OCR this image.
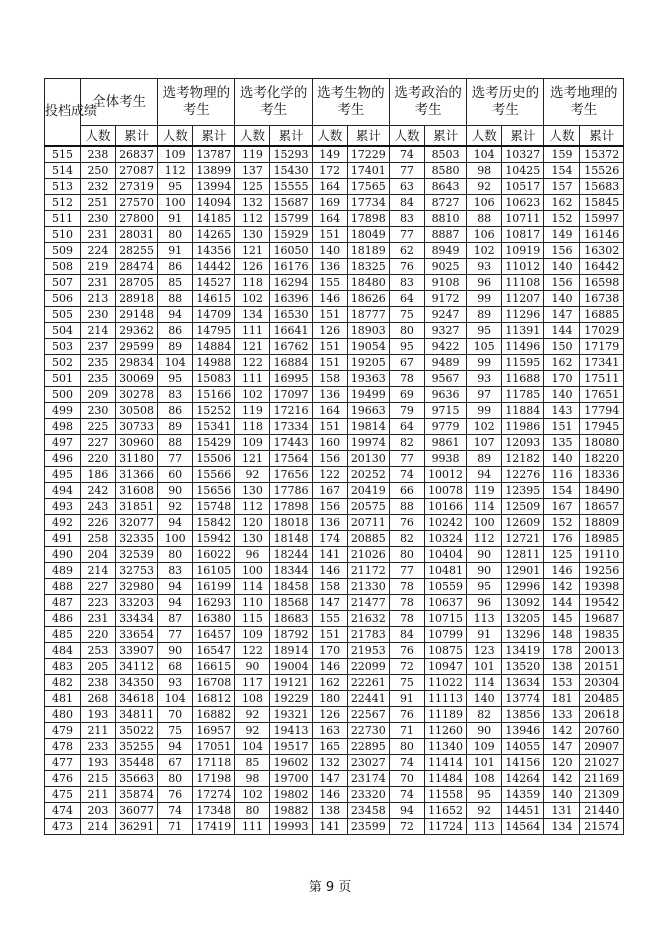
投档成绩	全体考生		选考物理的考生		选考化学的考生		选考生物的考生		选考政治的考生		选考历史的考生		选考地理的考生	
	人数	累计	人数	累计	人数	累计	人数	累计	人数	累计	人数	累计	人数	累计
515	238	26837	109	13787	119	15293	149	17229	74	8503	104	10327	159	15372
514	250	27087	112	13899	137	15430	172	17401	77	8580	98	10425	154	15526
513	232	27319	95	13994	125	15555	164	17565	63	8643	92	10517	157	15683
512	251	27570	100	14094	132	15687	169	17734	84	8727	106	10623	162	15845
511	230	27800	91	14185	112	15799	164	17898	83	8810	88	10711	152	15997
510	231	28031	80	14265	130	15929	151	18049	77	8887	106	10817	149	16146
509	224	28255	91	14356	121	16050	140	18189	62	8949	102	10919	156	16302
508	219	28474	86	14442	126	16176	136	18325	76	9025	93	11012	140	16442
507	231	28705	85	14527	118	16294	155	18480	83	9108	96	11108	156	16598
506	213	28918	88	14615	102	16396	146	18626	64	9172	99	11207	140	16738
505	230	29148	94	14709	134	16530	151	18777	75	9247	89	11296	147	16885
504	214	29362	86	14795	111	16641	126	18903	80	9327	95	11391	144	17029
503	237	29599	89	14884	121	16762	151	19054	95	9422	105	11496	150	17179
502	235	29834	104	14988	122	16884	151	19205	67	9489	99	11595	162	17341
501	235	30069	95	15083	111	16995	158	19363	78	9567	93	11688	170	17511
500	209	30278	83	15166	102	17097	136	19499	69	9636	97	11785	140	17651
499	230	30508	86	15252	119	17216	164	19663	79	9715	99	11884	143	17794
498	225	30733	89	15341	118	17334	151	19814	64	9779	102	11986	151	17945
497	227	30960	88	15429	109	17443	160	19974	82	9861	107	12093	135	18080
496	220	31180	77	15506	121	17564	156	20130	77	9938	89	12182	140	18220
495	186	31366	60	15566	92	17656	122	20252	74	10012	94	12276	116	18336
494	242	31608	90	15656	130	17786	167	20419	66	10078	119	12395	154	18490
493	243	31851	92	15748	112	17898	156	20575	88	10166	114	12509	167	18657
492	226	32077	94	15842	120	18018	136	20711	76	10242	100	12609	152	18809
491	258	32335	100	15942	130	18148	174	20885	82	10324	112	12721	176	18985
490	204	32539	80	16022	96	18244	141	21026	80	10404	90	12811	125	19110
489	214	32753	83	16105	100	18344	146	21172	77	10481	90	12901	146	19256
488	227	32980	94	16199	114	18458	158	21330	78	10559	95	12996	142	19398
487	223	33203	94	16293	110	18568	147	21477	78	10637	96	13092	144	19542
486	231	33434	87	16380	115	18683	155	21632	78	10715	113	13205	145	19687
485	220	33654	77	16457	109	18792	151	21783	84	10799	91	13296	148	19835
484	253	33907	90	16547	122	18914	170	21953	76	10875	123	13419	178	20013
483	205	34112	68	16615	90	19004	146	22099	72	10947	101	13520	138	20151
482	238	34350	93	16708	117	19121	162	22261	75	11022	114	13634	153	20304
481	268	34618	104	16812	108	19229	180	22441	91	11113	140	13774	181	20485
480	193	34811	70	16882	92	19321	126	22567	76	11189	82	13856	133	20618
479	211	35022	75	16957	92	19413	163	22730	71	11260	90	13946	142	20760
478	233	35255	94	17051	104	19517	165	22895	80	11340	109	14055	147	20907
477	193	35448	67	17118	85	19602	132	23027	74	11414	101	14156	120	21027
476	215	35663	80	17198	98	19700	147	23174	70	11484	108	14264	142	21169
475	211	35874	76	17274	102	19802	146	23320	74	11558	95	14359	140	21309
474	203	36077	74	17348	80	19882	138	23458	94	11652	92	14451	131	21440
473	214	36291	71	17419	111	19993	141	23599	72	11724	113	14564	134	21574
第 9 页
